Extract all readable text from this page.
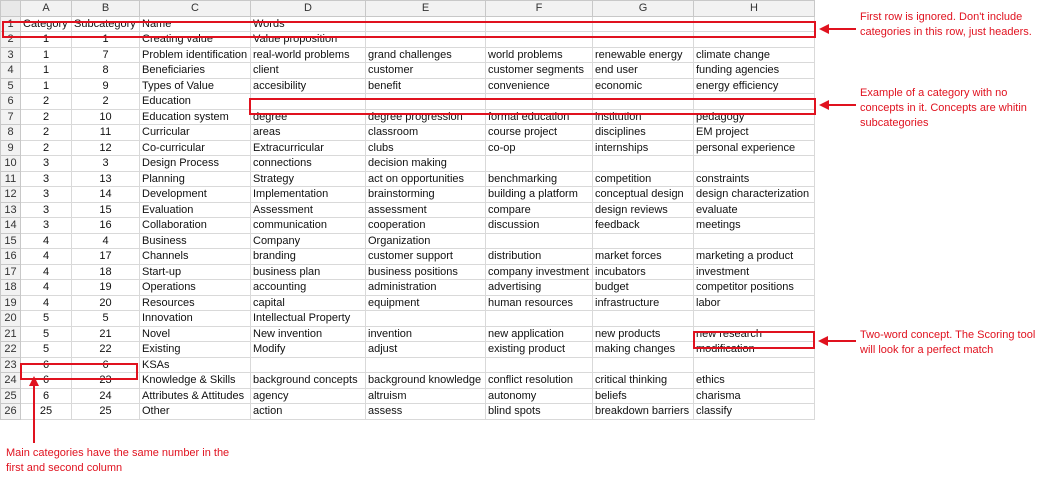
	A	B	C	D	E	F	G	H
1	Category	Subcategory	Name	Words				
2	1	1	Creating value	Value proposition				
3	1	7	Problem identification	real-world problems	grand challenges	world problems	renewable energy	climate change
4	1	8	Beneficiaries	client	customer	customer segments	end user	funding agencies
5	1	9	Types of Value	accesibility	benefit	convenience	economic	energy efficiency
6	2	2	Education					
7	2	10	Education system	degree	degree progression	formal education	institution	pedagogy
8	2	11	Curricular	areas	classroom	course project	disciplines	EM project
9	2	12	Co-curricular	Extracurricular	clubs	co-op	internships	personal experience
10	3	3	Design Process	connections	decision making			
11	3	13	Planning	Strategy	act on opportunities	benchmarking	competition	constraints
12	3	14	Development	Implementation	brainstorming	building a platform	conceptual design	design characterization
13	3	15	Evaluation	Assessment	assessment	compare	design reviews	evaluate
14	3	16	Collaboration	communication	cooperation	discussion	feedback	meetings
15	4	4	Business	Company	Organization			
16	4	17	Channels	branding	customer support	distribution	market forces	marketing a product
17	4	18	Start-up	business plan	business positions	company investment	incubators	investment
18	4	19	Operations	accounting	administration	advertising	budget	competitor positions
19	4	20	Resources	capital	equipment	human resources	infrastructure	labor
20	5	5	Innovation	Intellectual Property				
21	5	21	Novel	New invention	invention	new application	new products	new research
22	5	22	Existing	Modify	adjust	existing product	making changes	modification
23	6	6	KSAs					
24	6	23	Knowledge & Skills	background concepts	background knowledge	conflict resolution	critical thinking	ethics
25	6	24	Attributes & Attitudes	agency	altruism	autonomy	beliefs	charisma
26	25	25	Other	action	assess	blind spots	breakdown barriers	classify
First row is ignored. Don't include categories in this row, just headers.
Example of a category with no concepts in it. Concepts are whitin subcategories
Two-word concept. The Scoring tool will look for a perfect match
Main categories have the same number in the first and second column
